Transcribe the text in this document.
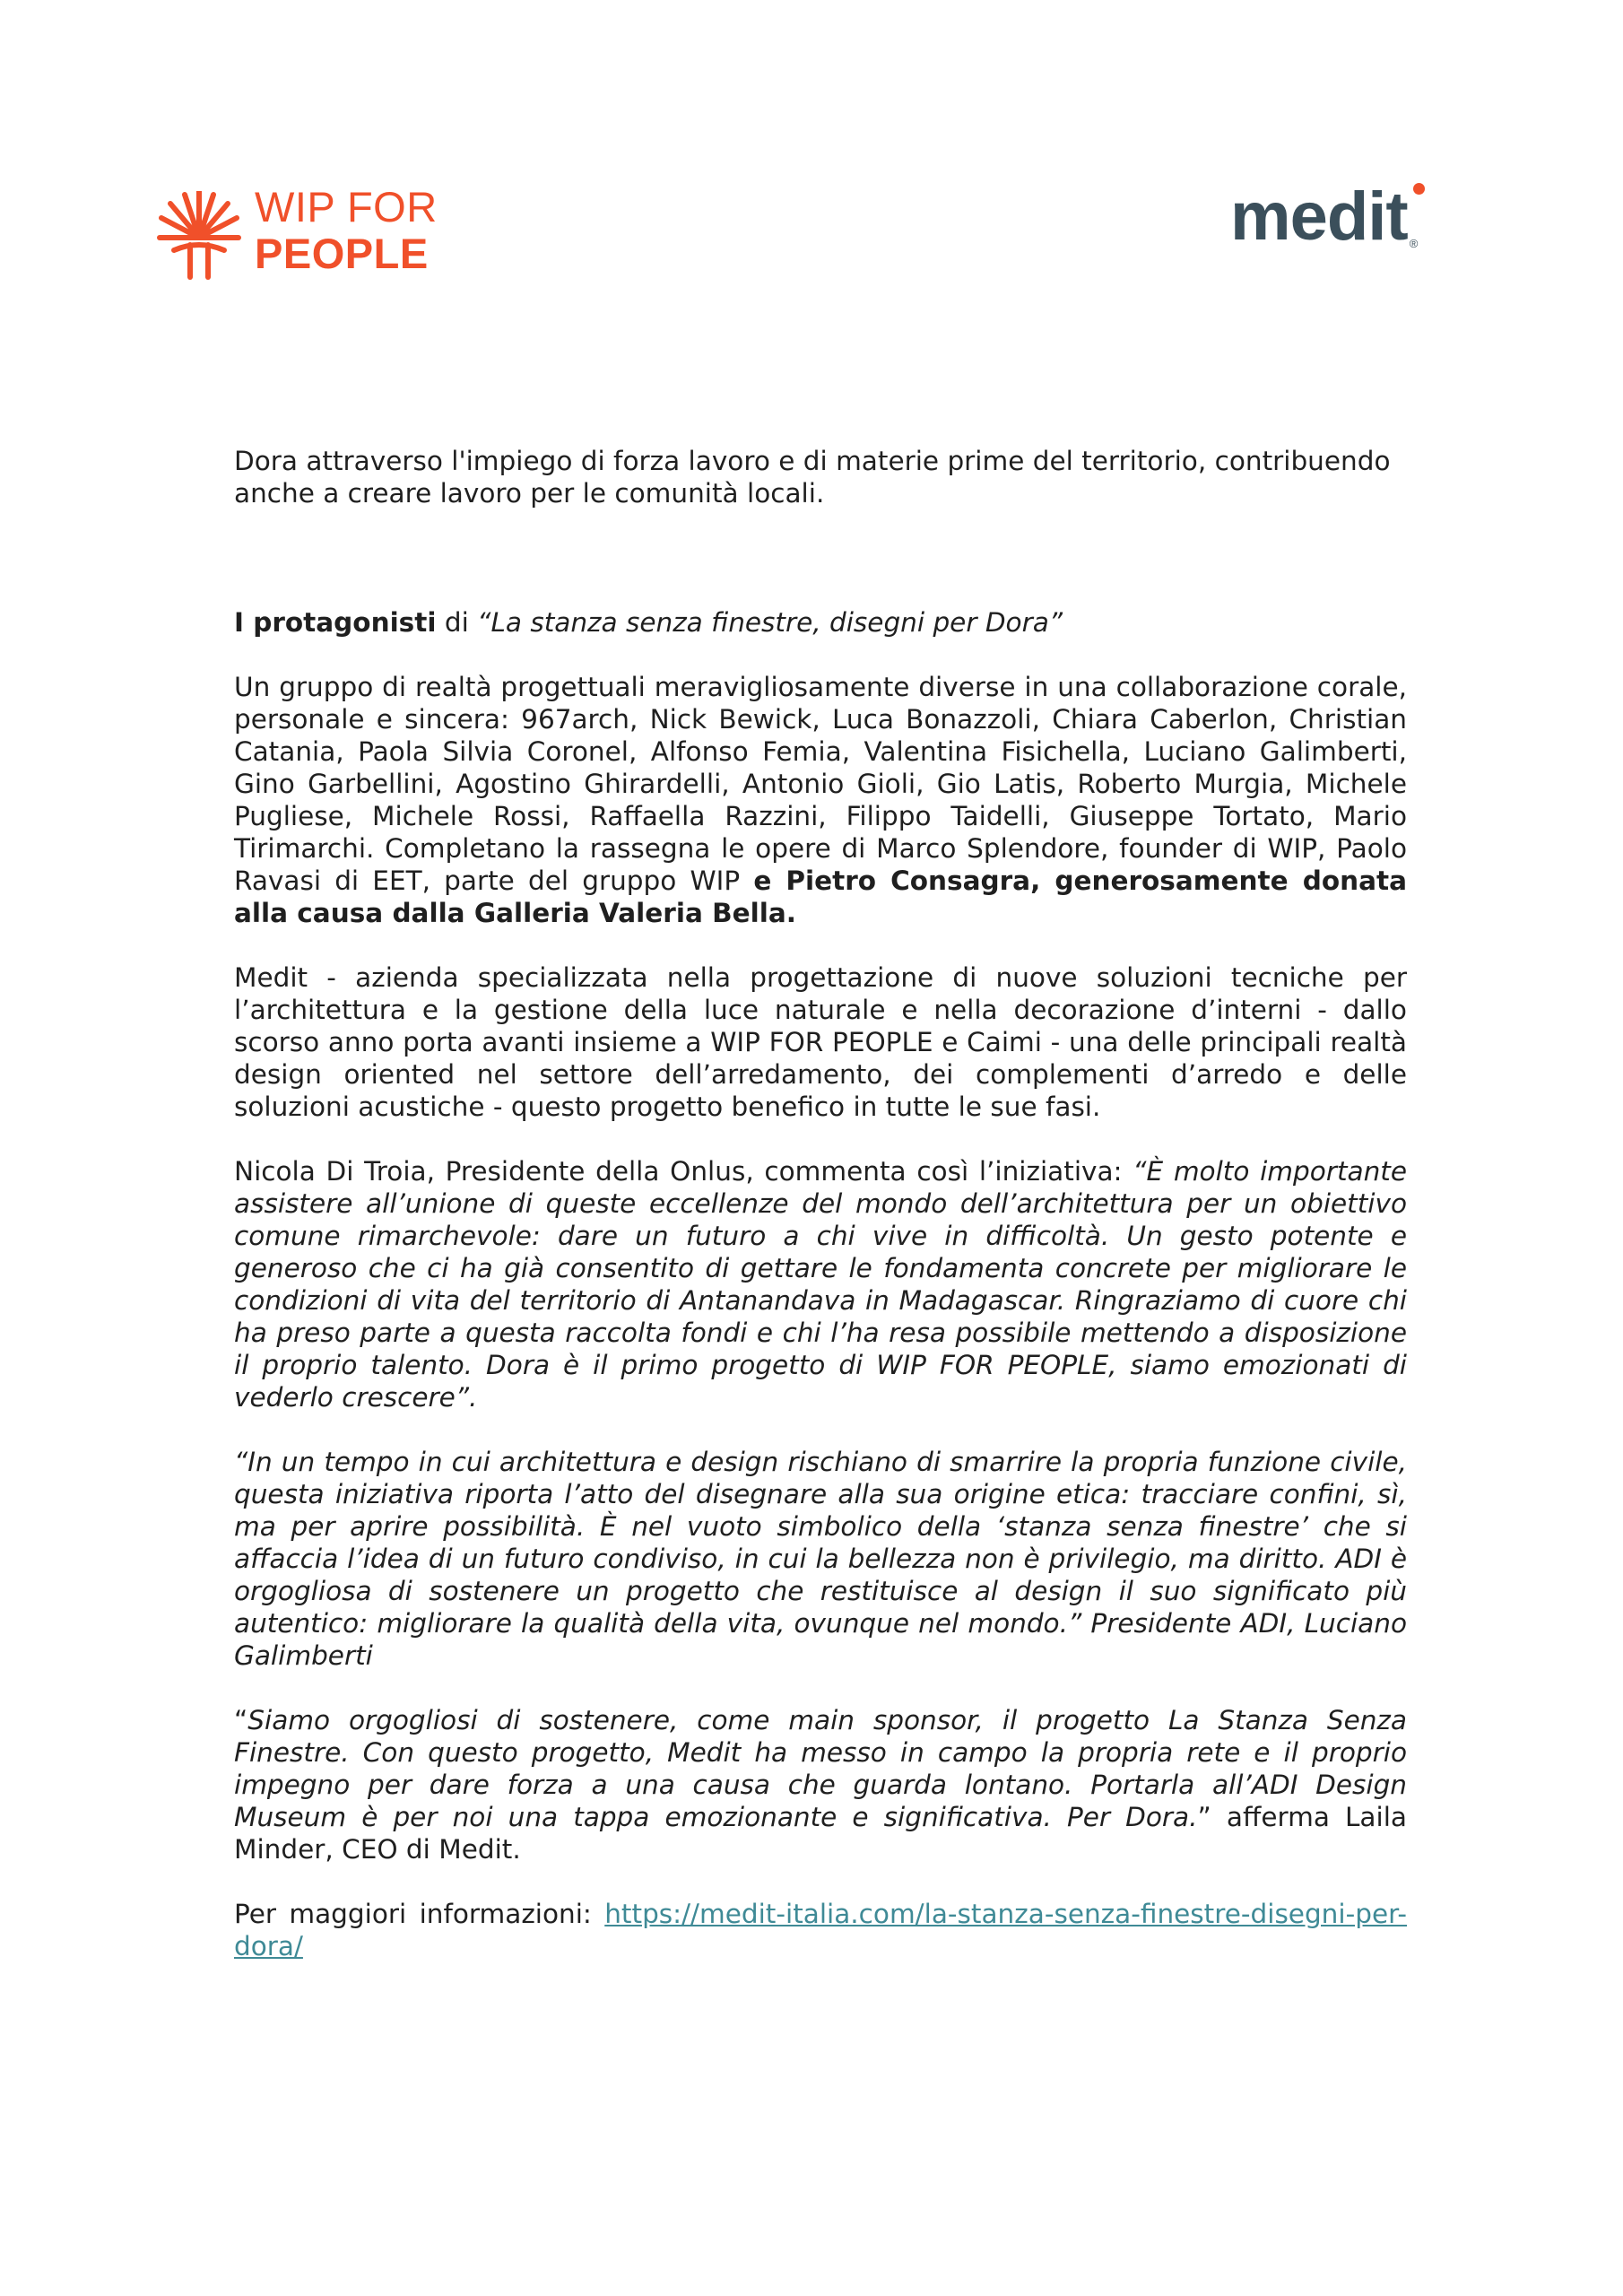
WIP FOR
PEOPLE	medit ®

Dora attraverso l'impiego di forza lavoro e di materie prime del territorio, contribuendo anche a creare lavoro per le comunità locali.

I protagonisti di “La stanza senza finestre, disegni per Dora”

Un gruppo di realtà progettuali meravigliosamente diverse in una collaborazione corale, personale e sincera: 967arch, Nick Bewick, Luca Bonazzoli, Chiara Caberlon, Christian Catania, Paola Silvia Coronel, Alfonso Femia, Valentina Fisichella, Luciano Galimberti, Gino Garbellini, Agostino Ghirardelli, Antonio Gioli, Gio Latis, Roberto Murgia, Michele Pugliese, Michele Rossi, Raffaella Razzini, Filippo Taidelli, Giuseppe Tortato, Mario Tirimarchi. Completano la rassegna le opere di Marco Splendore, founder di WIP, Paolo Ravasi di EET, parte del gruppo WIP e Pietro Consagra, generosamente donata alla causa dalla Galleria Valeria Bella.

Medit - azienda specializzata nella progettazione di nuove soluzioni tecniche per l’architettura e la gestione della luce naturale e nella decorazione d’interni - dallo scorso anno porta avanti insieme a WIP FOR PEOPLE e Caimi - una delle principali realtà design oriented nel settore dell’arredamento, dei complementi d’arredo e delle soluzioni acustiche - questo progetto benefico in tutte le sue fasi.

Nicola Di Troia, Presidente della Onlus, commenta così l’iniziativa: “È molto importante assistere all’unione di queste eccellenze del mondo dell’architettura per un obiettivo comune rimarchevole: dare un futuro a chi vive in difficoltà. Un gesto potente e generoso che ci ha già consentito di gettare le fondamenta concrete per migliorare le condizioni di vita del territorio di Antanandava in Madagascar. Ringraziamo di cuore chi ha preso parte a questa raccolta fondi e chi l’ha resa possibile mettendo a disposizione il proprio talento. Dora è il primo progetto di WIP FOR PEOPLE, siamo emozionati di vederlo crescere”.

“In un tempo in cui architettura e design rischiano di smarrire la propria funzione civile, questa iniziativa riporta l’atto del disegnare alla sua origine etica: tracciare confini, sì, ma per aprire possibilità. È nel vuoto simbolico della ‘stanza senza finestre’ che si affaccia l’idea di un futuro condiviso, in cui la bellezza non è privilegio, ma diritto. ADI è orgogliosa di sostenere un progetto che restituisce al design il suo significato più autentico: migliorare la qualità della vita, ovunque nel mondo.” Presidente ADI, Luciano Galimberti

“Siamo orgogliosi di sostenere, come main sponsor, il progetto La Stanza Senza Finestre. Con questo progetto, Medit ha messo in campo la propria rete e il proprio impegno per dare forza a una causa che guarda lontano. Portarla all’ADI Design Museum è per noi una tappa emozionante e significativa. Per Dora.” afferma Laila Minder, CEO di Medit.

Per maggiori informazioni: https://medit-italia.com/la-stanza-senza-finestre-disegni-per-dora/
